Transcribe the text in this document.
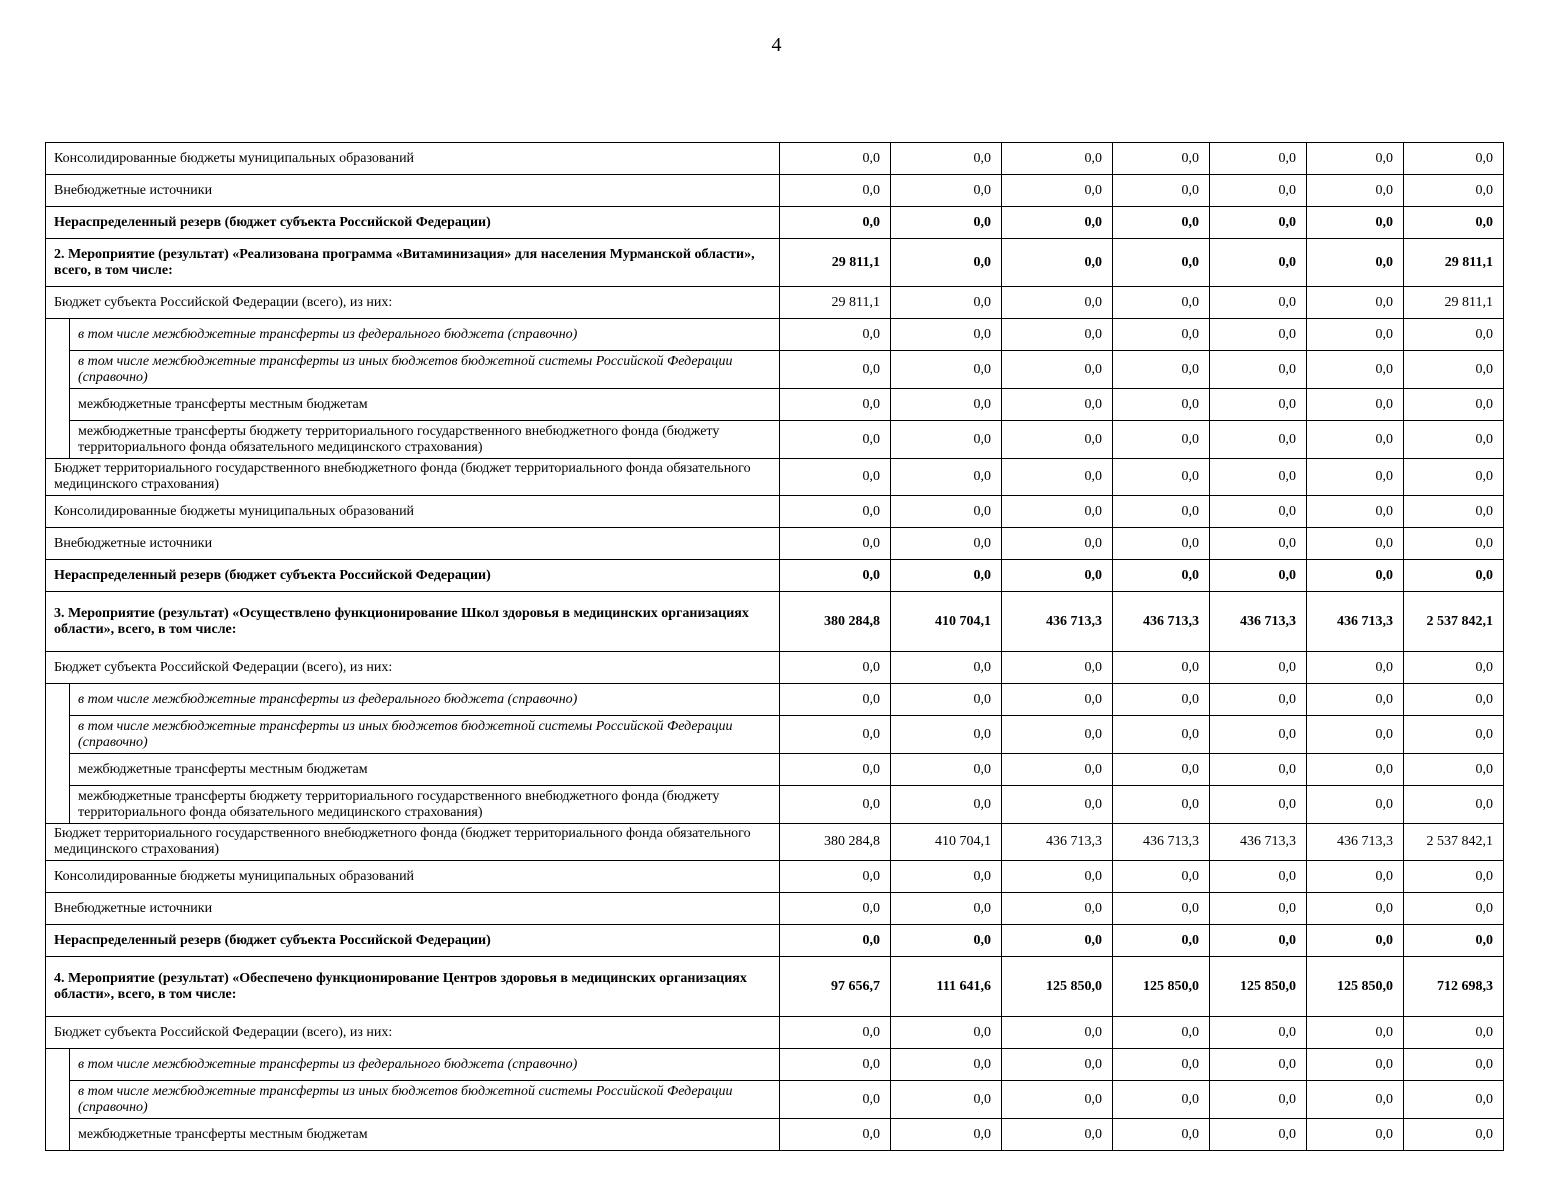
4
Консолидированные бюджеты муниципальных образований		0,0	0,0	0,0	0,0	0,0	0,0	0,0
Внебюджетные источники		0,0	0,0	0,0	0,0	0,0	0,0	0,0
Нераспределенный резерв (бюджет субъекта Российской Федерации)		0,0	0,0	0,0	0,0	0,0	0,0	0,0
2. Мероприятие (результат) «Реализована программа «Витаминизация» для населения Мурманской области», всего, в том числе:		29 811,1	0,0	0,0	0,0	0,0	0,0	29 811,1
Бюджет субъекта Российской Федерации (всего), из них:		29 811,1	0,0	0,0	0,0	0,0	0,0	29 811,1
	в том числе межбюджетные трансферты из федерального бюджета (справочно)	0,0	0,0	0,0	0,0	0,0	0,0	0,0
	в том числе межбюджетные трансферты из иных бюджетов бюджетной системы Российской Федерации (справочно)	0,0	0,0	0,0	0,0	0,0	0,0	0,0
	межбюджетные трансферты местным бюджетам	0,0	0,0	0,0	0,0	0,0	0,0	0,0
	межбюджетные трансферты бюджету территориального государственного внебюджетного фонда (бюджету территориального фонда обязательного медицинского страхования)	0,0	0,0	0,0	0,0	0,0	0,0	0,0
Бюджет территориального государственного внебюджетного фонда (бюджет территориального фонда обязательного медицинского страхования)		0,0	0,0	0,0	0,0	0,0	0,0	0,0
Консолидированные бюджеты муниципальных образований		0,0	0,0	0,0	0,0	0,0	0,0	0,0
Внебюджетные источники		0,0	0,0	0,0	0,0	0,0	0,0	0,0
Нераспределенный резерв (бюджет субъекта Российской Федерации)		0,0	0,0	0,0	0,0	0,0	0,0	0,0
3. Мероприятие (результат) «Осуществлено функционирование Школ здоровья в медицинских организациях области», всего, в том числе:		380 284,8	410 704,1	436 713,3	436 713,3	436 713,3	436 713,3	2 537 842,1
Бюджет субъекта Российской Федерации (всего), из них:		0,0	0,0	0,0	0,0	0,0	0,0	0,0
	в том числе межбюджетные трансферты из федерального бюджета (справочно)	0,0	0,0	0,0	0,0	0,0	0,0	0,0
	в том числе межбюджетные трансферты из иных бюджетов бюджетной системы Российской Федерации (справочно)	0,0	0,0	0,0	0,0	0,0	0,0	0,0
	межбюджетные трансферты местным бюджетам	0,0	0,0	0,0	0,0	0,0	0,0	0,0
	межбюджетные трансферты бюджету территориального государственного внебюджетного фонда (бюджету территориального фонда обязательного медицинского страхования)	0,0	0,0	0,0	0,0	0,0	0,0	0,0
Бюджет территориального государственного внебюджетного фонда (бюджет территориального фонда обязательного медицинского страхования)		380 284,8	410 704,1	436 713,3	436 713,3	436 713,3	436 713,3	2 537 842,1
Консолидированные бюджеты муниципальных образований		0,0	0,0	0,0	0,0	0,0	0,0	0,0
Внебюджетные источники		0,0	0,0	0,0	0,0	0,0	0,0	0,0
Нераспределенный резерв (бюджет субъекта Российской Федерации)		0,0	0,0	0,0	0,0	0,0	0,0	0,0
4. Мероприятие (результат) «Обеспечено функционирование Центров здоровья в медицинских организациях области», всего, в том числе:		97 656,7	111 641,6	125 850,0	125 850,0	125 850,0	125 850,0	712 698,3
Бюджет субъекта Российской Федерации (всего), из них:		0,0	0,0	0,0	0,0	0,0	0,0	0,0
	в том числе межбюджетные трансферты из федерального бюджета (справочно)	0,0	0,0	0,0	0,0	0,0	0,0	0,0
	в том числе межбюджетные трансферты из иных бюджетов бюджетной системы Российской Федерации (справочно)	0,0	0,0	0,0	0,0	0,0	0,0	0,0
	межбюджетные трансферты местным бюджетам	0,0	0,0	0,0	0,0	0,0	0,0	0,0
